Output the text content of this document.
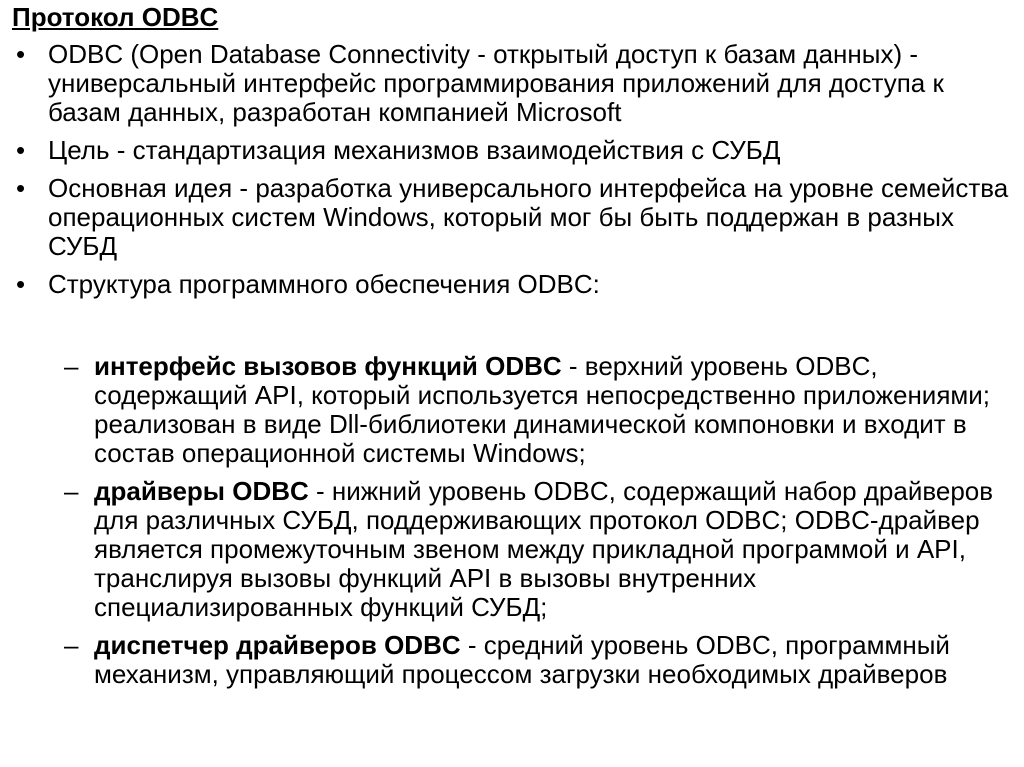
Протокол ODBC
• ODBC (Open Database Connectivity - открытый доступ к базам данных) - универсальный интерфейс программирования приложений для доступа к базам данных, разработан компанией Microsoft
• Цель - стандартизация механизмов взаимодействия с СУБД
• Основная идея - разработка универсального интерфейса на уровне семейства операционных систем Windows, который мог бы быть поддержан в разных СУБД
• Структура программного обеспечения ODBC:
– интерфейс вызовов функций ODBC - верхний уровень ODBC, содержащий API, который используется непосредственно приложениями; реализован в виде Dll-библиотеки динамической компоновки и входит в состав операционной системы Windows;
– драйверы ODBC - нижний уровень ODBC, содержащий набор драйверов для различных СУБД, поддерживающих протокол ODBC; ODBC-драйвер является промежуточным звеном между прикладной программой и API, транслируя вызовы функций API в вызовы внутренних специализированных функций СУБД;
– диспетчер драйверов ODBC - средний уровень ODBC, программный механизм, управляющий процессом загрузки необходимых драйверов
